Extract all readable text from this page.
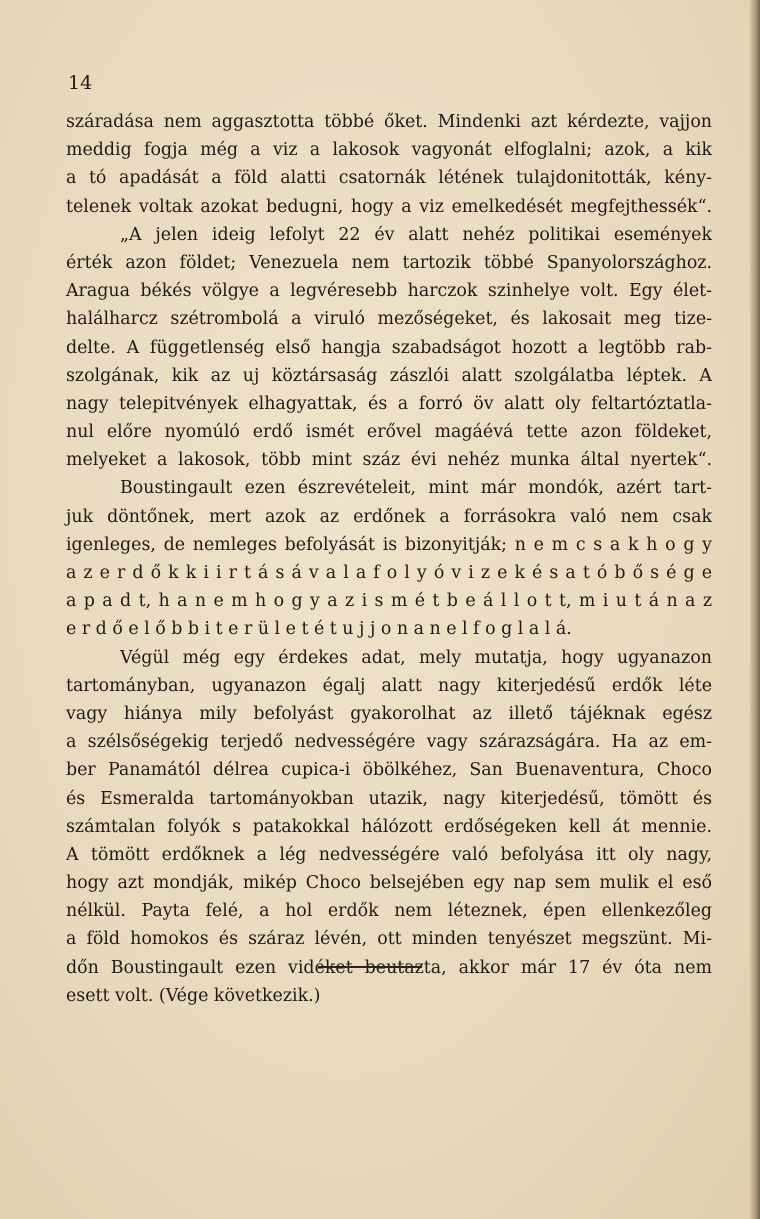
14
száradása nem aggasztotta többé őket. Mindenki azt kérdezte, vajjon
meddig fogja még a viz a lakosok vagyonát elfoglalni; azok, a kik
a tó apadását a föld alatti csatornák létének tulajdonitották, kény-
telenek voltak azokat bedugni, hogy a viz emelkedését megfejthessék“.
„A jelen ideig lefolyt 22 év alatt nehéz politikai események
érték azon földet; Venezuela nem tartozik többé Spanyolországhoz.
Aragua békés völgye a legvéresebb harczok szinhelye volt. Egy élet-
halálharcz szétrombolá a viruló mezőségeket, és lakosait meg tize-
delte. A függetlenség első hangja szabadságot hozott a legtöbb rab-
szolgának, kik az uj köztársaság zászlói alatt szolgálatba léptek. A
nagy telepitvények elhagyattak, és a forró öv alatt oly feltartóztatla-
nul előre nyomúló erdő ismét erővel magáévá tette azon földeket,
melyeket a lakosok, több mint száz évi nehéz munka által nyertek“.
Boustingault ezen észrevételeit, mint már mondók, azért tart-
juk döntőnek, mert azok az erdőnek a forrásokra való nem csak
igenleges, de nemleges befolyását is bizonyitják; n e m c s a k h o g y
a z e r d ő k k i i r t á s á v a l a f o l y ó v i z e k é s a t ó b ő s é g e
a p a d t, h a n e m h o g y a z i s m é t b e á l l o t t, m i u t á n a z
e r d ő e l ő b b i t e r ü l e t é t u j j o n a n e l f o g l a l á.
Végül még egy érdekes adat, mely mutatja, hogy ugyanazon
tartományban, ugyanazon égalj alatt nagy kiterjedésű erdők léte
vagy hiánya mily befolyást gyakorolhat az illető tájéknak egész
a szélsőségekig terjedő nedvességére vagy szárazságára. Ha az em-
ber Panamától délrea cupica-i öbölkéhez, San Buenaventura, Choco
és Esmeralda tartományokban utazik, nagy kiterjedésű, tömött és
számtalan folyók s patakokkal hálózott erdőségeken kell át mennie.
A tömött erdőknek a lég nedvességére való befolyása itt oly nagy,
hogy azt mondják, mikép Choco belsejében egy nap sem mulik el eső
nélkül. Payta felé, a hol erdők nem léteznek, épen ellenkezőleg
a föld homokos és száraz lévén, ott minden tenyészet megszünt. Mi-
dőn Boustingault ezen vidéket beutazta, akkor már 17 év óta nem
esett volt. (Vége következik.)
